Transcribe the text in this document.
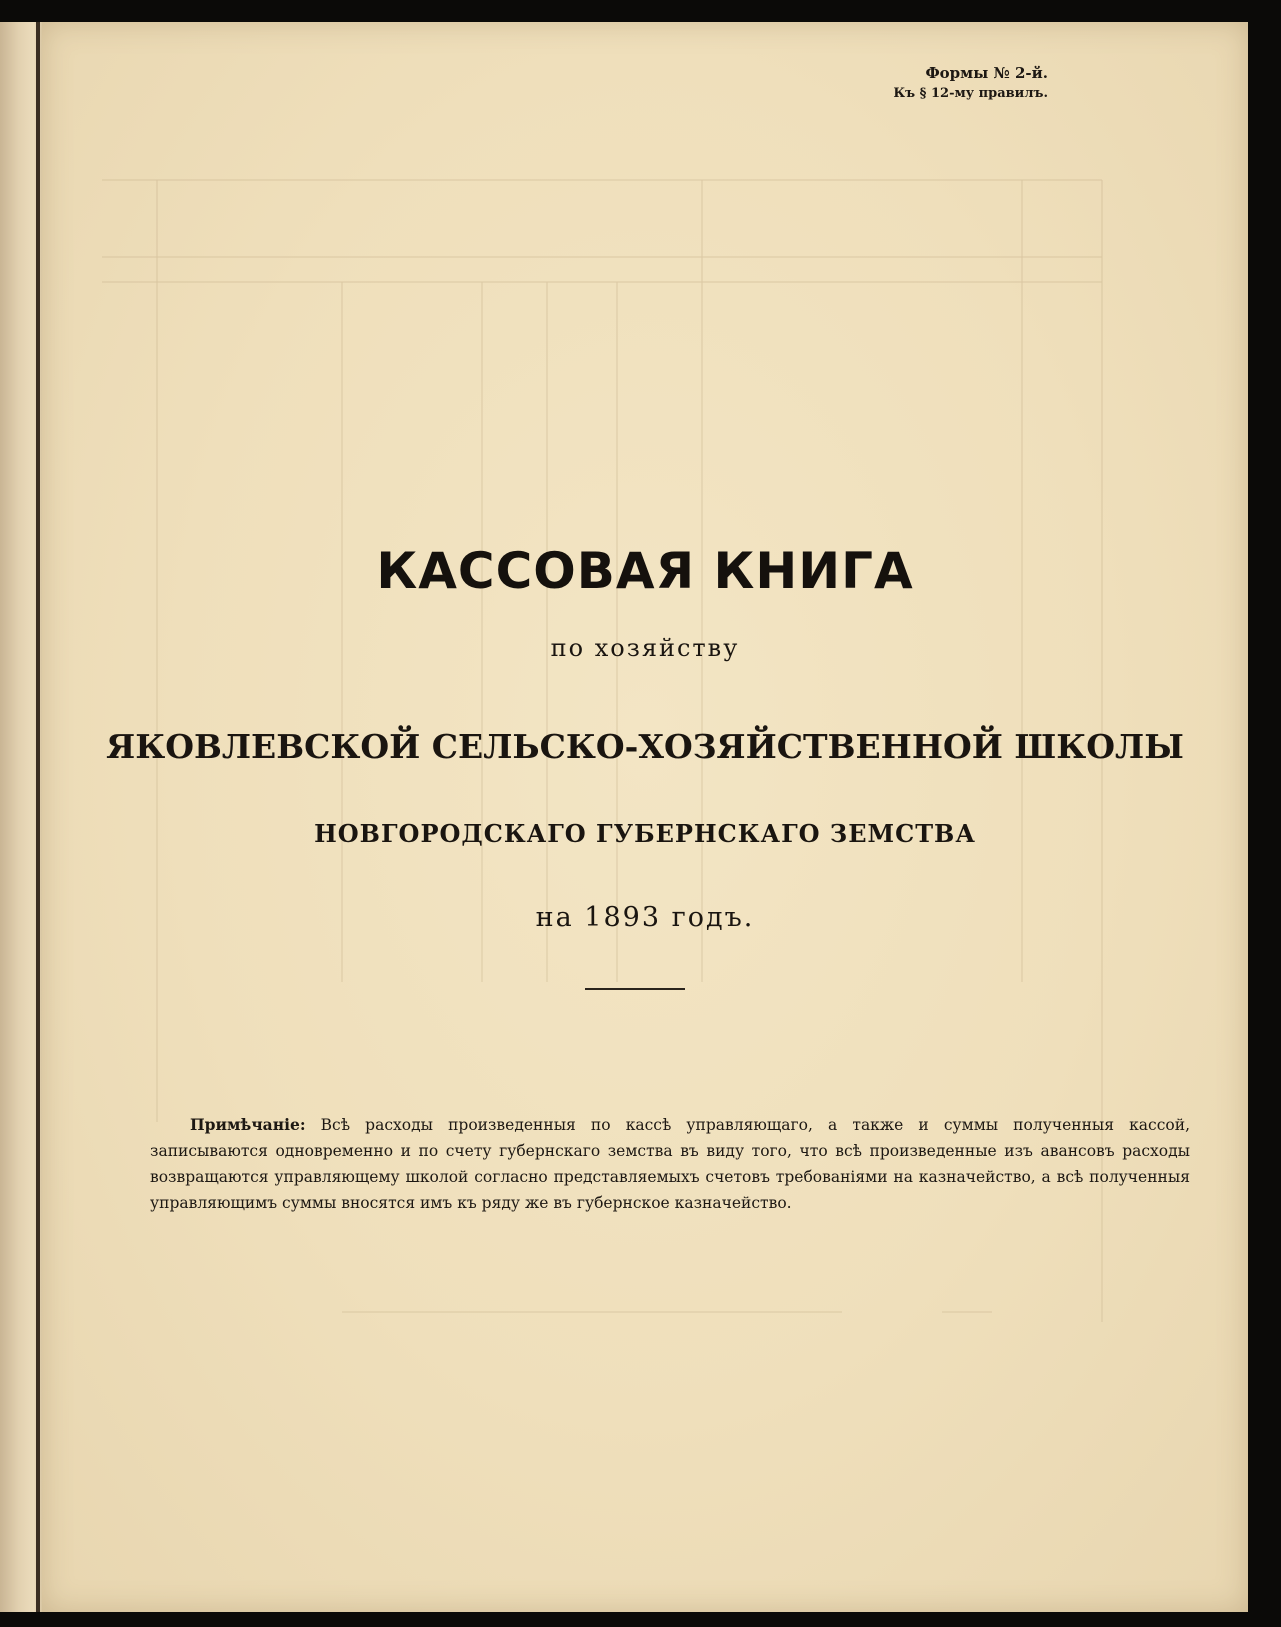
Формы № 2-й.
Къ § 12-му правилъ.
КАССОВАЯ КНИГА
по хозяйству
ЯКОВЛЕВСКОЙ СЕЛЬСКО-ХОЗЯЙСТВЕННОЙ ШКОЛЫ
НОВГОРОДСКАГО ГУБЕРНСКАГО ЗЕМСТВА
на 1893 годъ.
Примѣчаніе: Всѣ расходы произведенныя по кассѣ управляющаго, а также и суммы полученныя кассой, записываются одновременно и по счету губернскаго земства въ виду того, что всѣ произведенные изъ авансовъ расходы возвращаются управляющему школой согласно представляемыхъ счетовъ требованіями на казначейство, а всѣ полученныя управляющимъ суммы вносятся имъ къ ряду же въ губернское казначейство.
